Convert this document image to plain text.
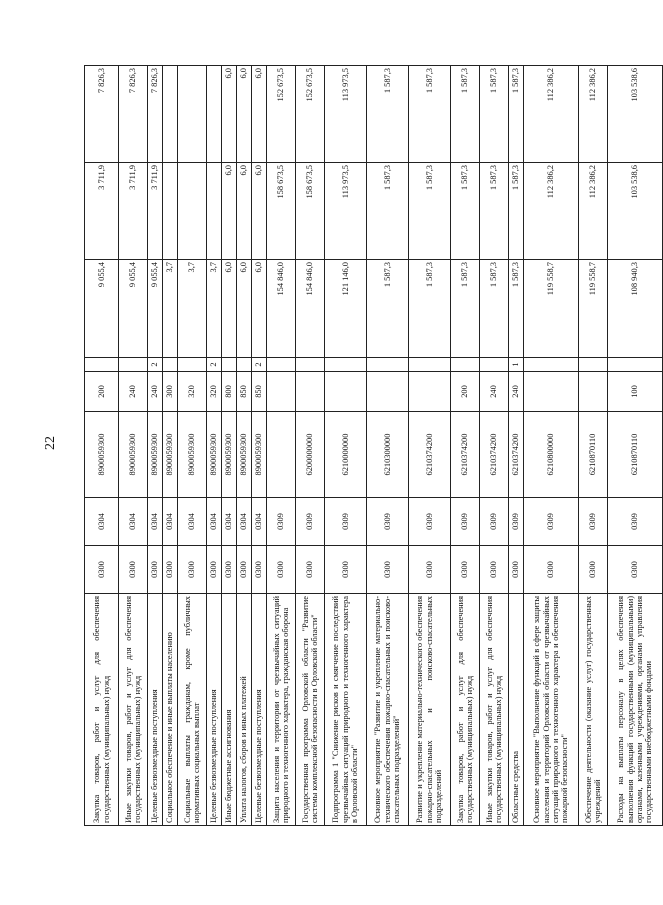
22
Закупка товаров, работ и услуг для обеспечения государственных (муниципальных) нужд	0300	0304	8900059300	200		9 055,4	3 711,9	7 826,3
Иные закупки товаров, работ и услуг для обеспечения государственных (муниципальных) нужд	0300	0304	8900059300	240		9 055,4	3 711,9	7 826,3
Целевые безвозмездные поступления	0300	0304	8900059300	240	2	9 055,4	3 711,9	7 826,3
Социальное обеспечение и иные выплаты населению	0300	0304	8900059300	300		3,7		
Социальные выплаты гражданам, кроме публичных нормативных социальных выплат	0300	0304	8900059300	320		3,7		
Целевые безвозмездные поступления	0300	0304	8900059300	320	2	3,7		
Иные бюджетные ассигнования	0300	0304	8900059300	800		6,0	6,0	6,0
Уплата налогов, сборов и иных платежей	0300	0304	8900059300	850		6,0	6,0	6,0
Целевые безвозмездные поступления	0300	0304	8900059300	850	2	6,0	6,0	6,0
Защита населения и территории от чрезвычайных ситуаций природного и техногенного характера, гражданская оборона	0300	0309				154 846,0	158 673,5	152 673,5
Государственная программа Орловской области "Развитие системы комплексной безопасности в Орловской области"	0300	0309	6200000000			154 846,0	158 673,5	152 673,5
Подпрограмма 1 "Снижение рисков и смягчение последствий чрезвычайных ситуаций природного и техногенного характера в Орловской области"	0300	0309	6210000000			121 146,0	113 973,5	113 973,5
Основное мероприятие "Развитие и укрепление материально-технического обеспечения пожарно-спасательных и поисково-спасательных подразделений"	0300	0309	6210300000			1 587,3	1 587,3	1 587,3
Развитие и укрепление материально-технического обеспечения пожарно-спасательных и поисково-спасательных подразделений	0300	0309	6210374200			1 587,3	1 587,3	1 587,3
Закупка товаров, работ и услуг для обеспечения государственных (муниципальных) нужд	0300	0309	6210374200	200		1 587,3	1 587,3	1 587,3
Иные закупки товаров, работ и услуг для обеспечения государственных (муниципальных) нужд	0300	0309	6210374200	240		1 587,3	1 587,3	1 587,3
Областные средства	0300	0309	6210374200	240	1	1 587,3	1 587,3	1 587,3
Основное мероприятие "Выполнение функций в сфере защиты населения и территорий Орловской области от чрезвычайных ситуаций природного и техногенного характера и обеспечения пожарной безопасности"	0300	0309	6210800000			119 558,7	112 386,2	112 386,2
Обеспечение деятельности (оказание услуг) государственных учреждений	0300	0309	6210870110			119 558,7	112 386,2	112 386,2
Расходы на выплаты персоналу в целях обеспечения выполнения функций государственными (муниципальными) органами, казенными учреждениями, органами управления государственными внебюджетными фондами	0300	0309	6210870110	100		108 940,3	103 538,6	103 538,6
